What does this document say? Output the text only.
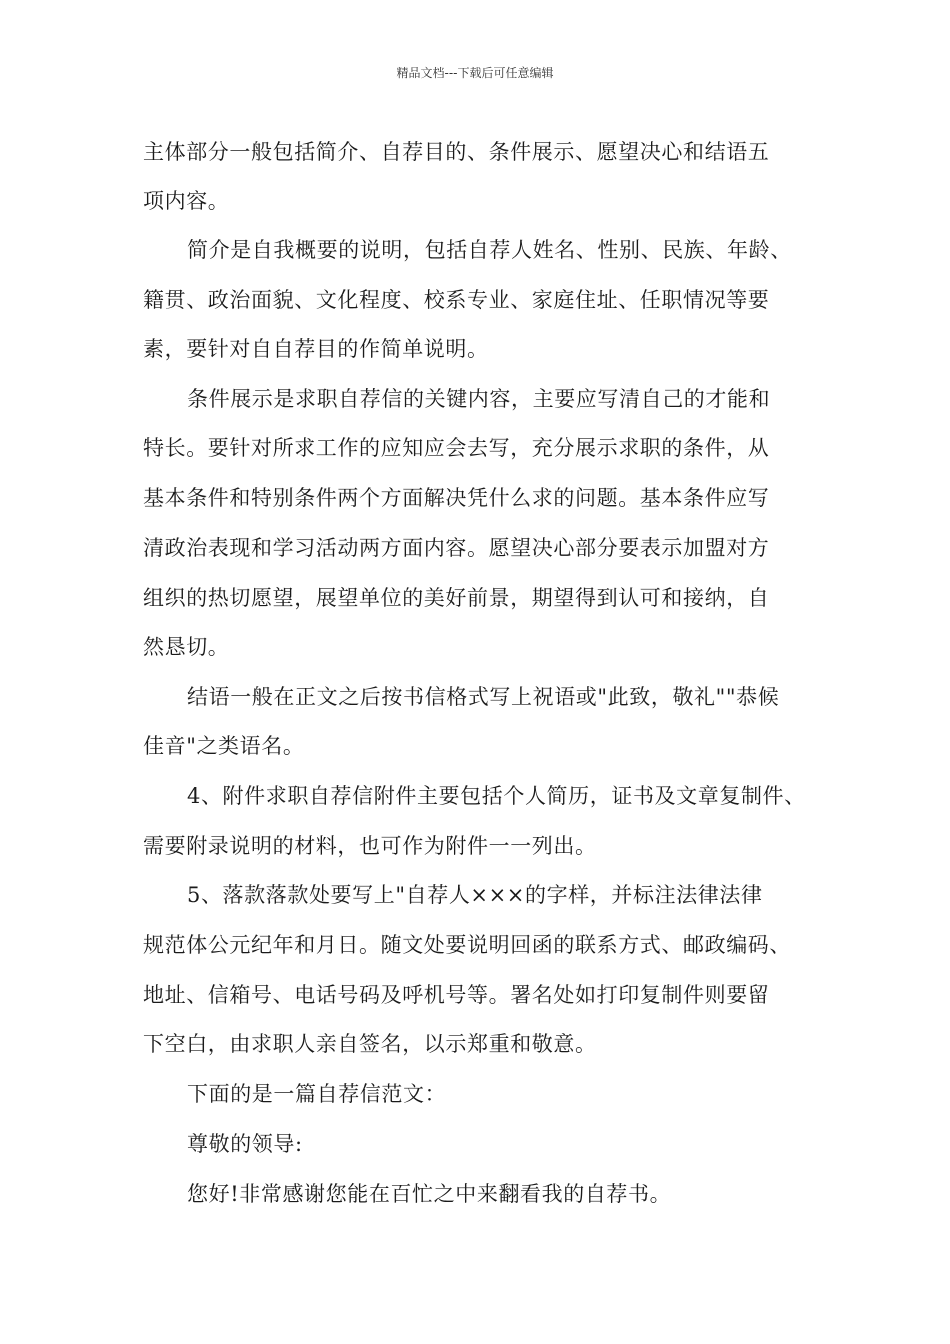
精品文档---下载后可任意编辑
主体部分一般包括简介、自荐目的、条件展示、愿望决心和结语五
项内容。
简介是自我概要的说明，包括自荐人姓名、性别、民族、年龄、
籍贯、政治面貌、文化程度、校系专业、家庭住址、任职情况等要
素，要针对自自荐目的作简单说明。
条件展示是求职自荐信的关键内容，主要应写清自己的才能和
特长。要针对所求工作的应知应会去写，充分展示求职的条件，从
基本条件和特别条件两个方面解决凭什么求的问题。基本条件应写
清政治表现和学习活动两方面内容。愿望决心部分要表示加盟对方
组织的热切愿望，展望单位的美好前景，期望得到认可和接纳，自
然恳切。
结语一般在正文之后按书信格式写上祝语或"此致，敬礼""恭候
佳音"之类语名。
4、附件求职自荐信附件主要包括个人简历，证书及文章复制件、
需要附录说明的材料，也可作为附件一一列出。
5、落款落款处要写上"自荐人×××的字样，并标注法律法律
规范体公元纪年和月日。随文处要说明回函的联系方式、邮政编码、
地址、信箱号、电话号码及呼机号等。署名处如打印复制件则要留
下空白，由求职人亲自签名，以示郑重和敬意。
下面的是一篇自荐信范文：
尊敬的领导:
您好!非常感谢您能在百忙之中来翻看我的自荐书。
